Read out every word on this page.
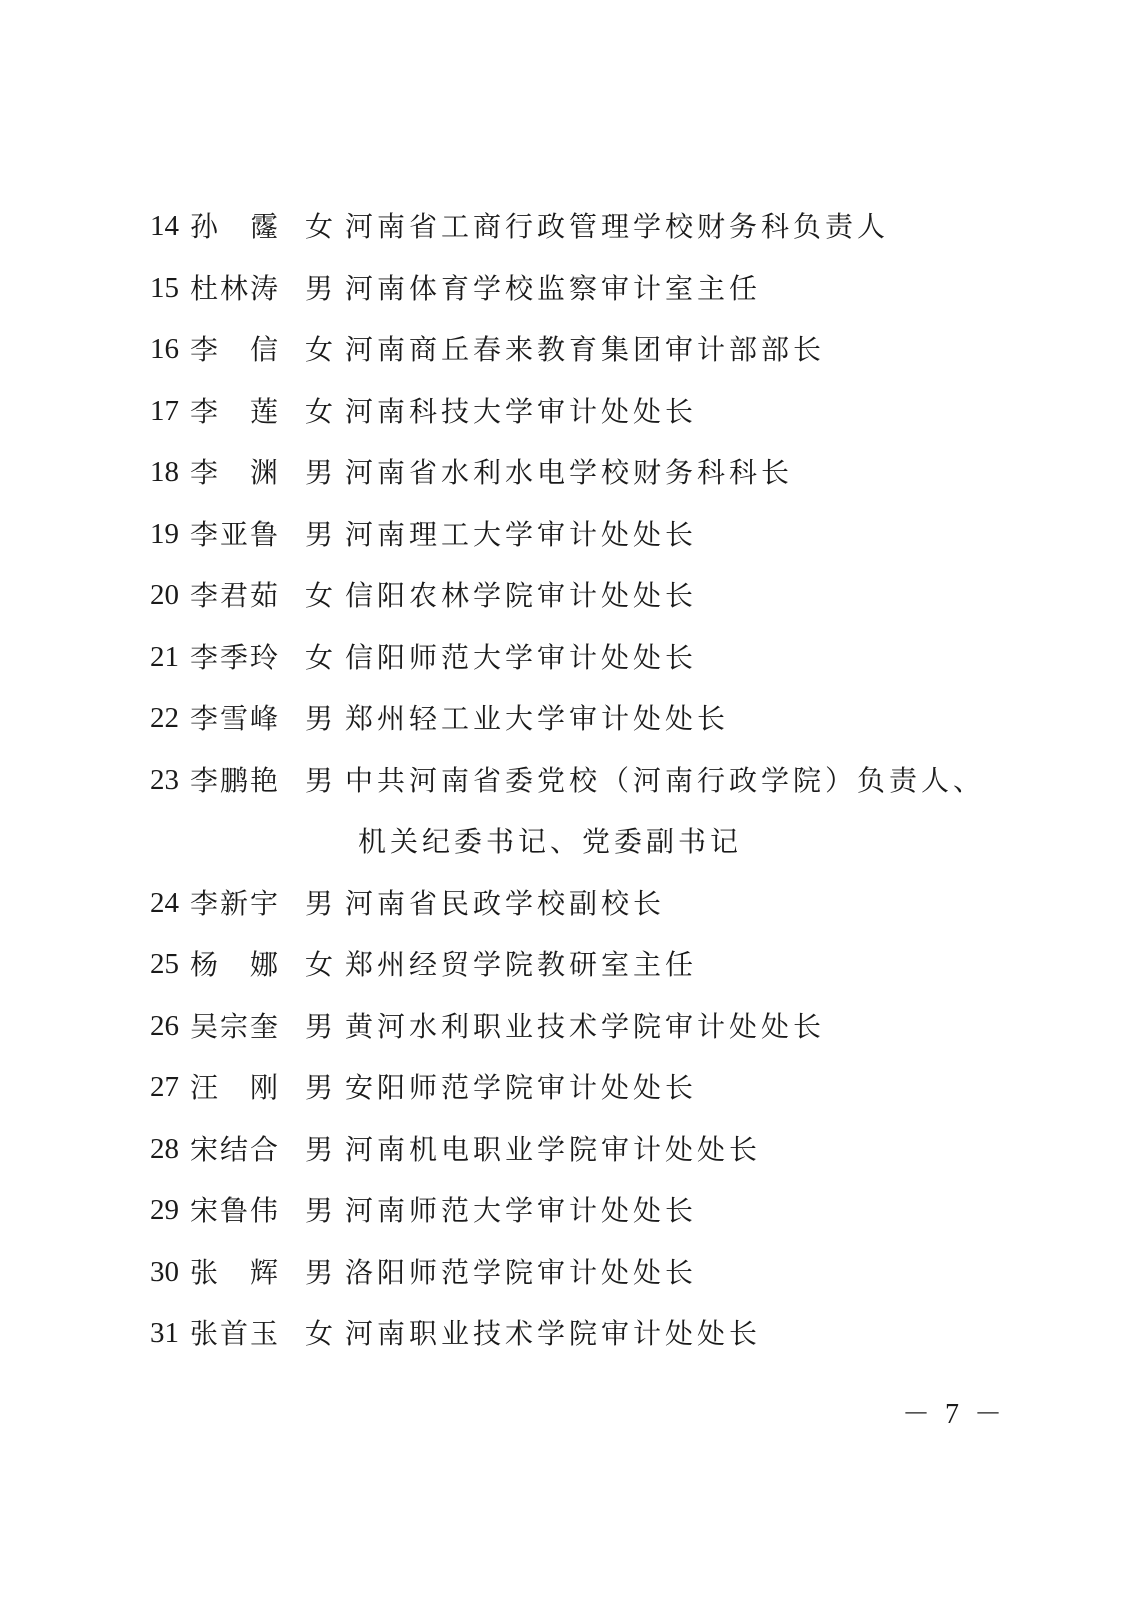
14 孙　霳 女 河南省工商行政管理学校财务科负责人
15 杜林涛 男 河南体育学校监察审计室主任
16 李　信 女 河南商丘春来教育集团审计部部长
17 李　莲 女 河南科技大学审计处处长
18 李　渊 男 河南省水利水电学校财务科科长
19 李亚鲁 男 河南理工大学审计处处长
20 李君茹 女 信阳农林学院审计处处长
21 李季玲 女 信阳师范大学审计处处长
22 李雪峰 男 郑州轻工业大学审计处处长
23 李鹏艳 男 中共河南省委党校（河南行政学院）负责人、
机关纪委书记、党委副书记
24 李新宇 男 河南省民政学校副校长
25 杨　娜 女 郑州经贸学院教研室主任
26 吴宗奎 男 黄河水利职业技术学院审计处处长
27 汪　刚 男 安阳师范学院审计处处长
28 宋结合 男 河南机电职业学院审计处处长
29 宋鲁伟 男 河南师范大学审计处处长
30 张　辉 男 洛阳师范学院审计处处长
31 张首玉 女 河南职业技术学院审计处处长
－ 7 －
